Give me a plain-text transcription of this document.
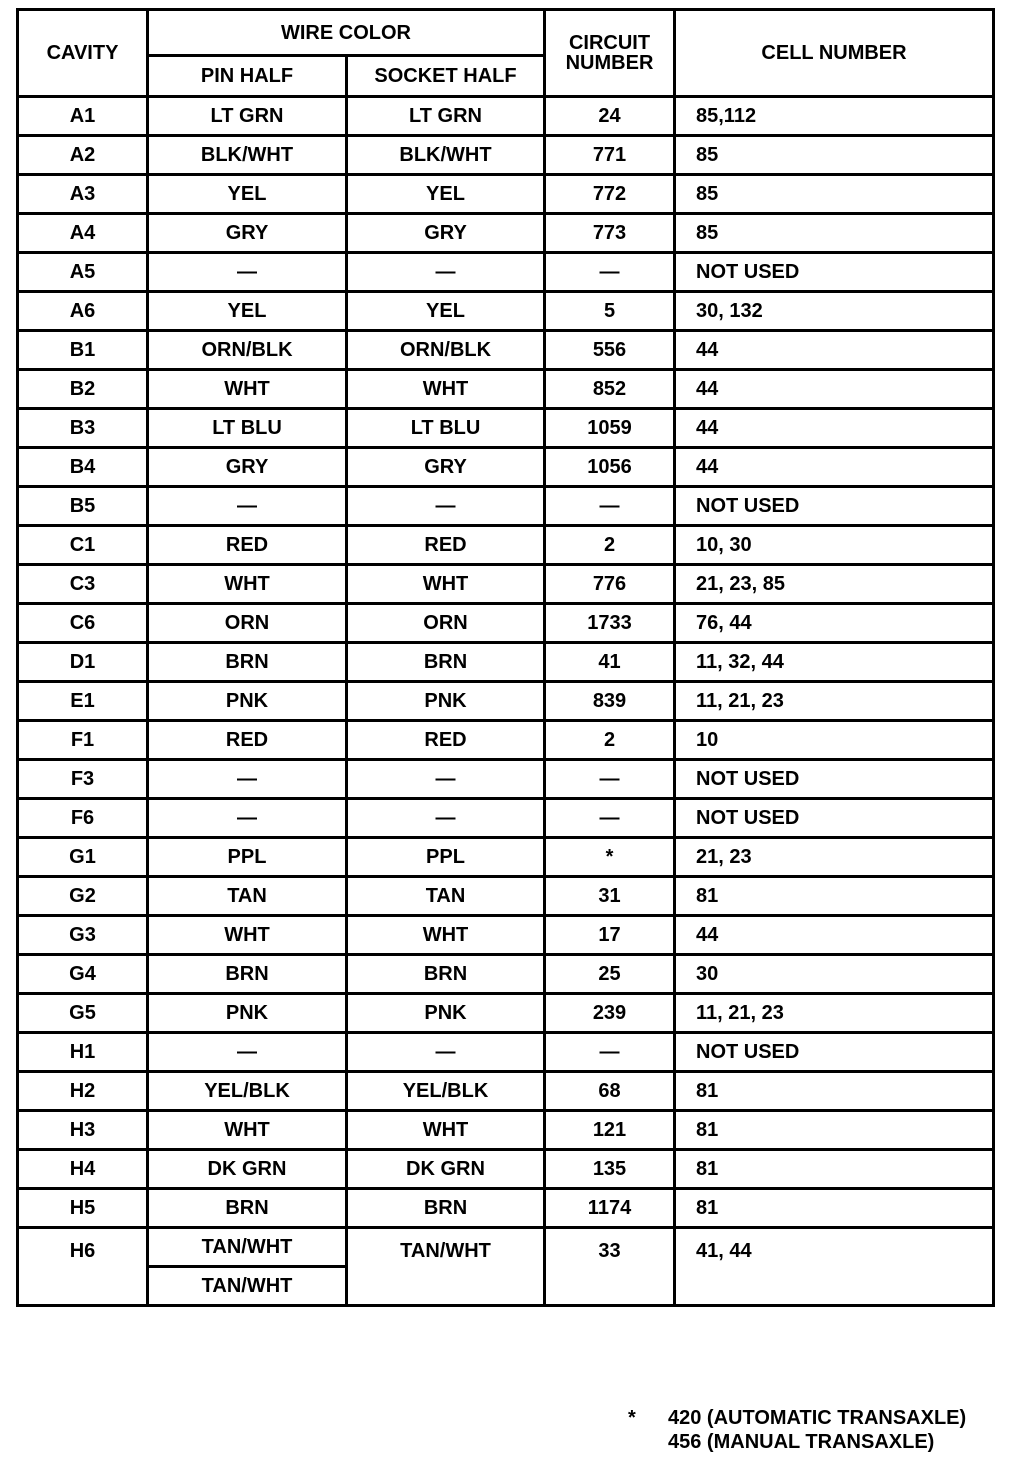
CAVITY	WIRE COLOR		CIRCUIT
NUMBER	CELL NUMBER
	PIN HALF	SOCKET HALF		
A1	LT GRN	LT GRN	24	85,112
A2	BLK/WHT	BLK/WHT	771	85
A3	YEL	YEL	772	85
A4	GRY	GRY	773	85
A5	—	—	—	NOT USED
A6	YEL	YEL	5	30, 132
B1	ORN/BLK	ORN/BLK	556	44
B2	WHT	WHT	852	44
B3	LT BLU	LT BLU	1059	44
B4	GRY	GRY	1056	44
B5	—	—	—	NOT USED
C1	RED	RED	2	10, 30
C3	WHT	WHT	776	21, 23, 85
C6	ORN	ORN	1733	76, 44
D1	BRN	BRN	41	11, 32, 44
E1	PNK	PNK	839	11, 21, 23
F1	RED	RED	2	10
F3	—	—	—	NOT USED
F6	—	—	—	NOT USED
G1	PPL	PPL	*	21, 23
G2	TAN	TAN	31	81
G3	WHT	WHT	17	44
G4	BRN	BRN	25	30
G5	PNK	PNK	239	11, 21, 23
H1	—	—	—	NOT USED
H2	YEL/BLK	YEL/BLK	68	81
H3	WHT	WHT	121	81
H4	DK GRN	DK GRN	135	81
H5	BRN	BRN	1174	81
H6	TAN/WHT	TAN/WHT	33	41, 44
	TAN/WHT			
* 420 (AUTOMATIC TRANSAXLE)
456 (MANUAL TRANSAXLE)
